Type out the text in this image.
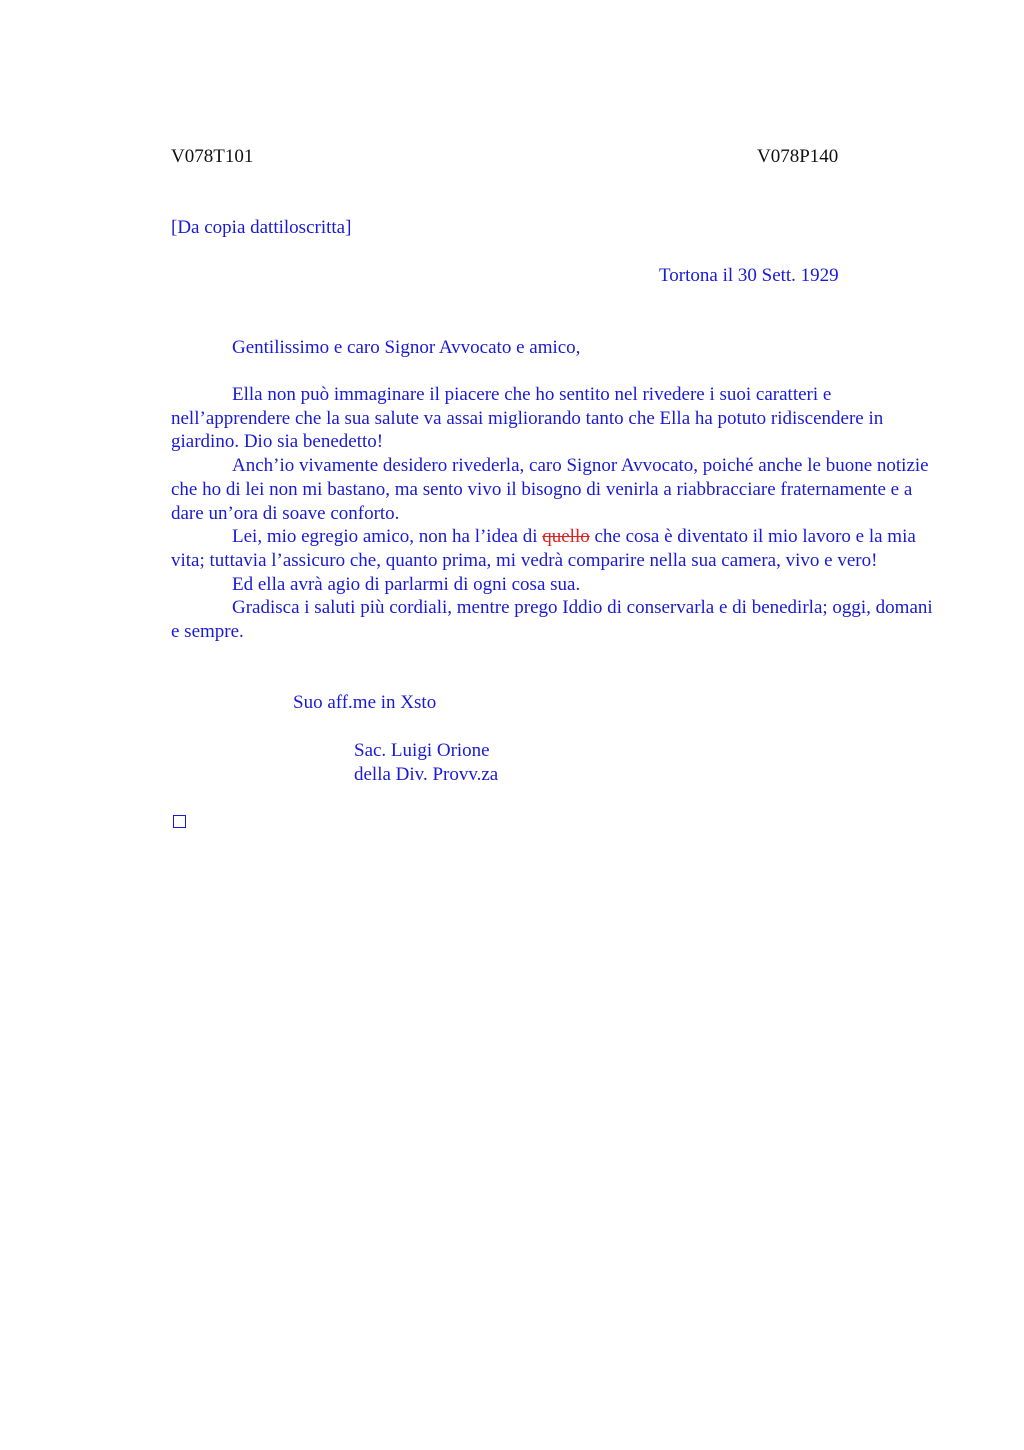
V078T101	V078P140
[Da copia dattiloscritta]
Tortona il 30 Sett. 1929
Gentilissimo e caro Signor Avvocato e amico,

Ella non può immaginare il piacere che ho sentito nel rivedere i suoi caratteri e nell’apprendere che la sua salute va assai migliorando tanto che Ella ha potuto ridiscendere in giardino. Dio sia benedetto!

Anch’io vivamente desidero rivederla, caro Signor Avvocato, poiché anche le buone notizie che ho di lei non mi bastano, ma sento vivo il bisogno di venirla a riabbracciare fraternamente e a dare un’ora di soave conforto.

Lei, mio egregio amico, non ha l’idea di quello che cosa è diventato il mio lavoro e la mia vita; tuttavia l’assicuro che, quanto prima, mi vedrà comparire nella sua camera, vivo e vero!

Ed ella avrà agio di parlarmi di ogni cosa sua.

Gradisca i saluti più cordiali, mentre prego Iddio di conservarla e di benedirla; oggi, domani e sempre.

Suo aff.me in Xsto
Sac. Luigi Orione
della Div. Provv.za
